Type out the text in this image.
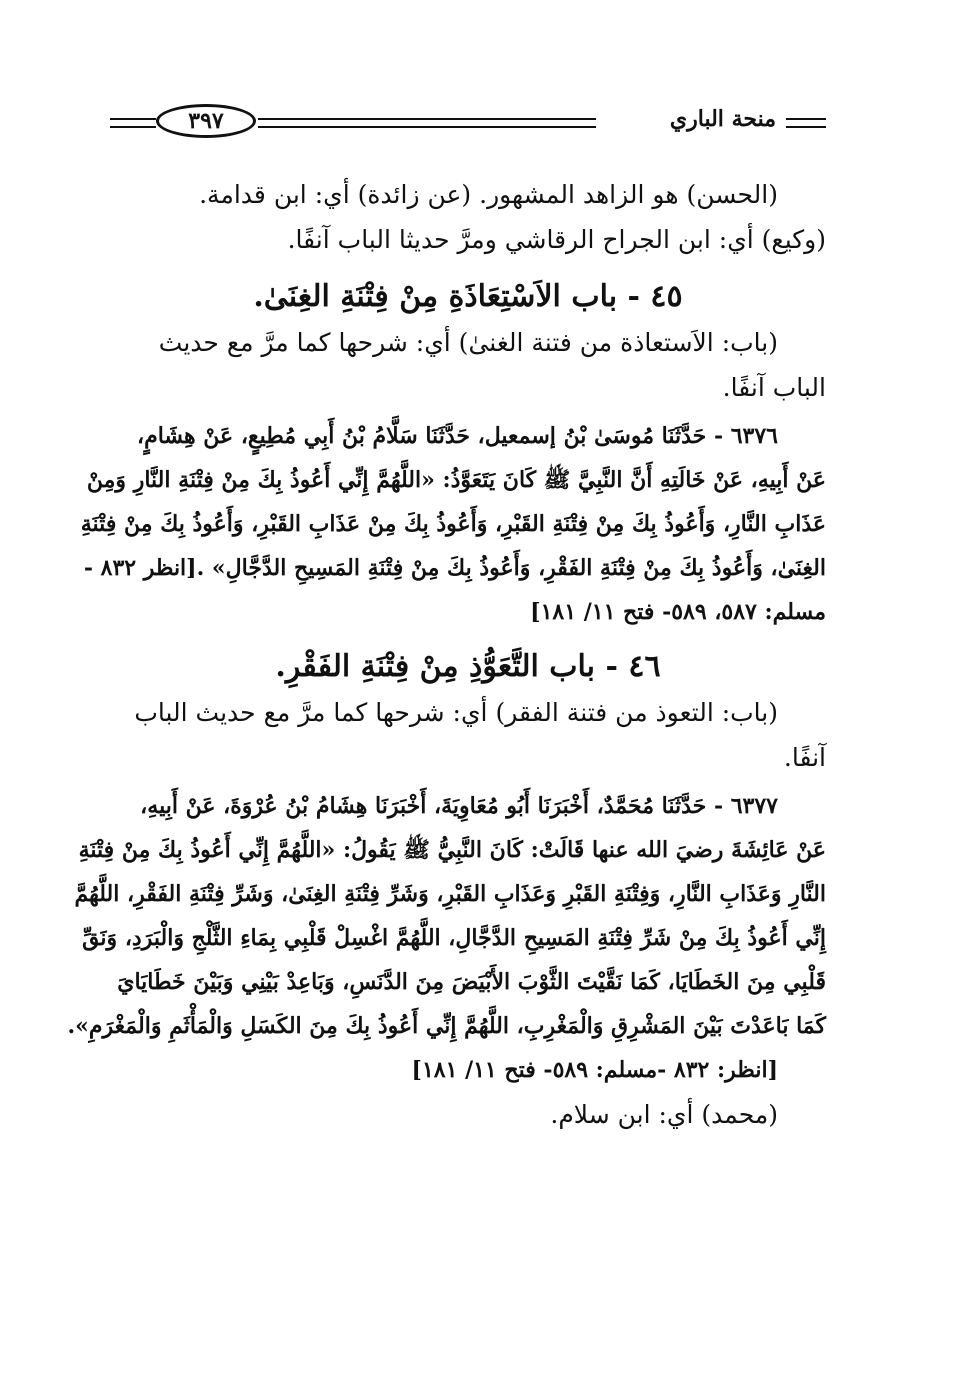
منحة الباري
٣٩٧
(الحسن) هو الزاهد المشهور. (عن زائدة) أي: ابن قدامة.
(وكيع) أي: ابن الجراح الرقاشي ومرَّ حديثا الباب آنفًا.
٤٥ - باب الاَسْتِعَاذَةِ مِنْ فِتْنَةِ الغِنَىٰ.
(باب: الاَستعاذة من فتنة الغنىٰ) أي: شرحها كما مرَّ مع حديث
الباب آنفًا.
٦٣٧٦ - حَدَّثَنَا مُوسَىٰ بْنُ إسمعيل، حَدَّثَنَا سَلَّامُ بْنُ أَبِي مُطِيعٍ، عَنْ هِشَامٍ،
عَنْ أَبِيهِ، عَنْ خَالَتِهِ أَنَّ النَّبِيَّ ﷺ كَانَ يَتَعَوَّذُ: «اللَّهُمَّ إِنِّي أَعُوذُ بِكَ مِنْ فِتْنَةِ النَّارِ وَمِنْ
عَذَابِ النَّارِ، وَأَعُوذُ بِكَ مِنْ فِتْنَةِ القَبْرِ، وَأَعُوذُ بِكَ مِنْ عَذَابِ القَبْرِ، وَأَعُوذُ بِكَ مِنْ فِتْنَةِ
الغِنَىٰ، وَأَعُوذُ بِكَ مِنْ فِتْنَةِ الفَقْرِ، وَأَعُوذُ بِكَ مِنْ فِتْنَةِ المَسِيحِ الدَّجَّالِ» .[انظر ٨٣٢ -
مسلم: ٥٨٧، ٥٨٩- فتح ١١/ ١٨١]
٤٦ - باب التَّعَوُّذِ مِنْ فِتْنَةِ الفَقْرِ.
(باب: التعوذ من فتنة الفقر) أي: شرحها كما مرَّ مع حديث الباب
آنفًا.
٦٣٧٧ - حَدَّثَنَا مُحَمَّدٌ، أَخْبَرَنَا أَبُو مُعَاوِيَةَ، أَخْبَرَنَا هِشَامُ بْنُ عُرْوَةَ، عَنْ أَبِيهِ،
عَنْ عَائِشَةَ رضيَ الله عنها قَالَتْ: كَانَ النَّبِيُّ ﷺ يَقُولُ: «اللَّهُمَّ إِنِّي أَعُوذُ بِكَ مِنْ فِتْنَةِ
النَّارِ وَعَذَابِ النَّارِ، وَفِتْنَةِ القَبْرِ وَعَذَابِ القَبْرِ، وَشَرِّ فِتْنَةِ الغِنَىٰ، وَشَرِّ فِتْنَةِ الفَقْرِ، اللَّهُمَّ
إِنِّي أَعُوذُ بِكَ مِنْ شَرِّ فِتْنَةِ المَسِيحِ الدَّجَّالِ، اللَّهُمَّ اغْسِلْ قَلْبِي بِمَاءِ الثَّلْجِ وَالْبَرَدِ، وَنَقِّ
قَلْبِي مِنَ الخَطَايَا، كَمَا نَقَّيْتَ الثَّوْبَ الأَبْيَضَ مِنَ الدَّنَسِ، وَبَاعِدْ بَيْنِي وَبَيْنَ خَطَايَايَ
كَمَا بَاعَدْتَ بَيْنَ المَشْرِقِ وَالْمَغْرِبِ، اللَّهُمَّ إِنِّي أَعُوذُ بِكَ مِنَ الكَسَلِ وَالْمَأْثَمِ وَالْمَغْرَمِ».
[انظر: ٨٣٢ -مسلم: ٥٨٩- فتح ١١/ ١٨١]
(محمد) أي: ابن سلام.
